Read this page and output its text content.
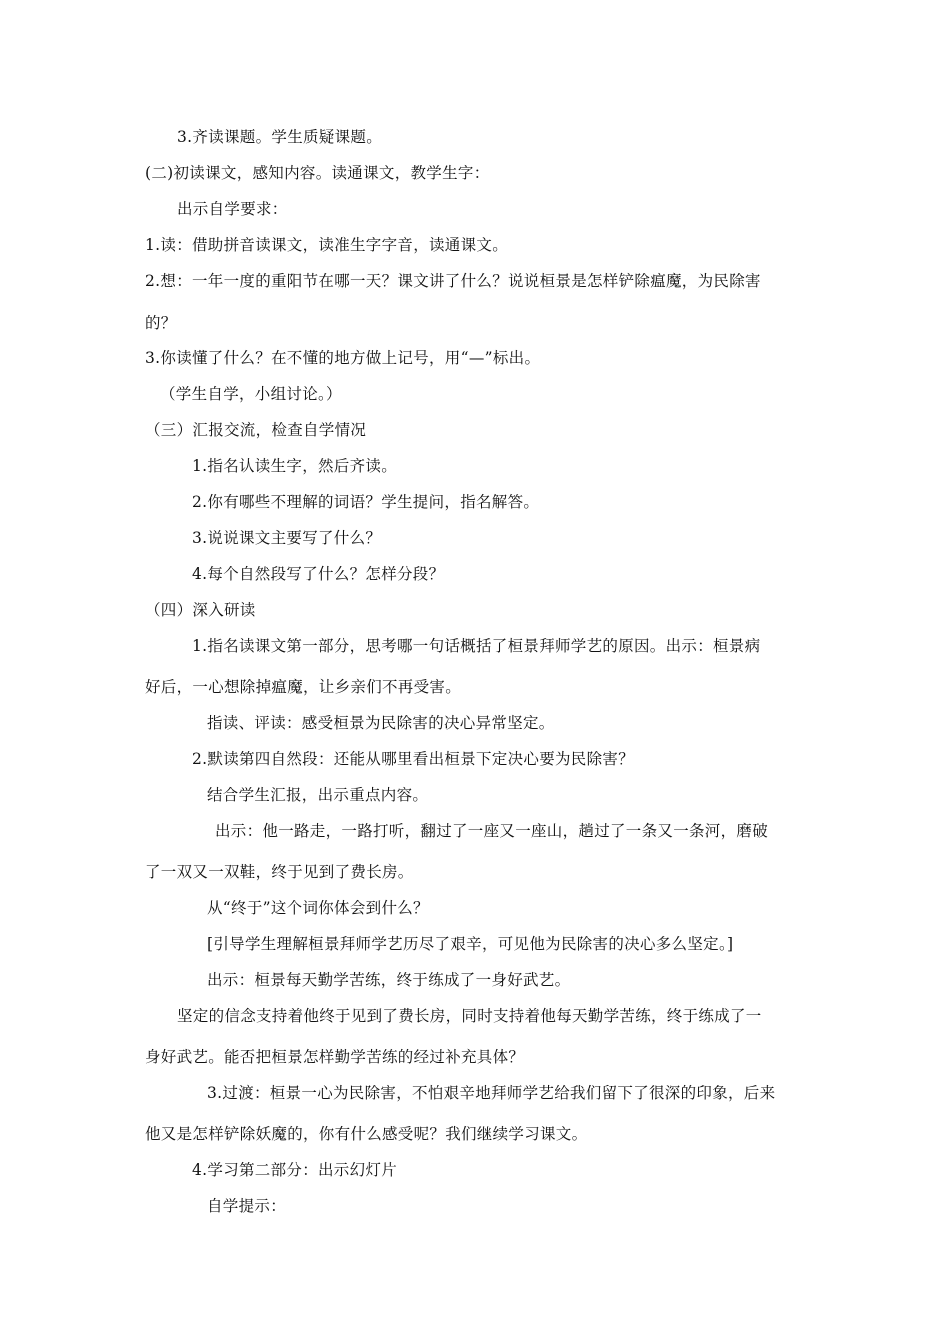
3.齐读课题。学生质疑课题。
(二)初读课文，感知内容。读通课文，教学生字：
出示自学要求：
1.读：借助拼音读课文，读准生字字音，读通课文。
2.想：一年一度的重阳节在哪一天？课文讲了什么？说说桓景是怎样铲除瘟魔，为民除害
的？
3.你读懂了什么？在不懂的地方做上记号，用“—”标出。
（学生自学，小组讨论。）
（三）汇报交流，检查自学情况
1.指名认读生字，然后齐读。
2.你有哪些不理解的词语？学生提问，指名解答。
3.说说课文主要写了什么？
4.每个自然段写了什么？怎样分段？
（四）深入研读
1.指名读课文第一部分，思考哪一句话概括了桓景拜师学艺的原因。出示：桓景病
好后，一心想除掉瘟魔，让乡亲们不再受害。
指读、评读：感受桓景为民除害的决心异常坚定。
2.默读第四自然段：还能从哪里看出桓景下定决心要为民除害？
结合学生汇报，出示重点内容。
出示：他一路走，一路打听，翻过了一座又一座山，趟过了一条又一条河，磨破
了一双又一双鞋，终于见到了费长房。
从“终于”这个词你体会到什么？
[引导学生理解桓景拜师学艺历尽了艰辛，可见他为民除害的决心多么坚定。]
出示：桓景每天勤学苦练，终于练成了一身好武艺。
坚定的信念支持着他终于见到了费长房，同时支持着他每天勤学苦练，终于练成了一
身好武艺。能否把桓景怎样勤学苦练的经过补充具体？
3.过渡：桓景一心为民除害，不怕艰辛地拜师学艺给我们留下了很深的印象，后来
他又是怎样铲除妖魔的，你有什么感受呢？我们继续学习课文。
4.学习第二部分：出示幻灯片
自学提示：
